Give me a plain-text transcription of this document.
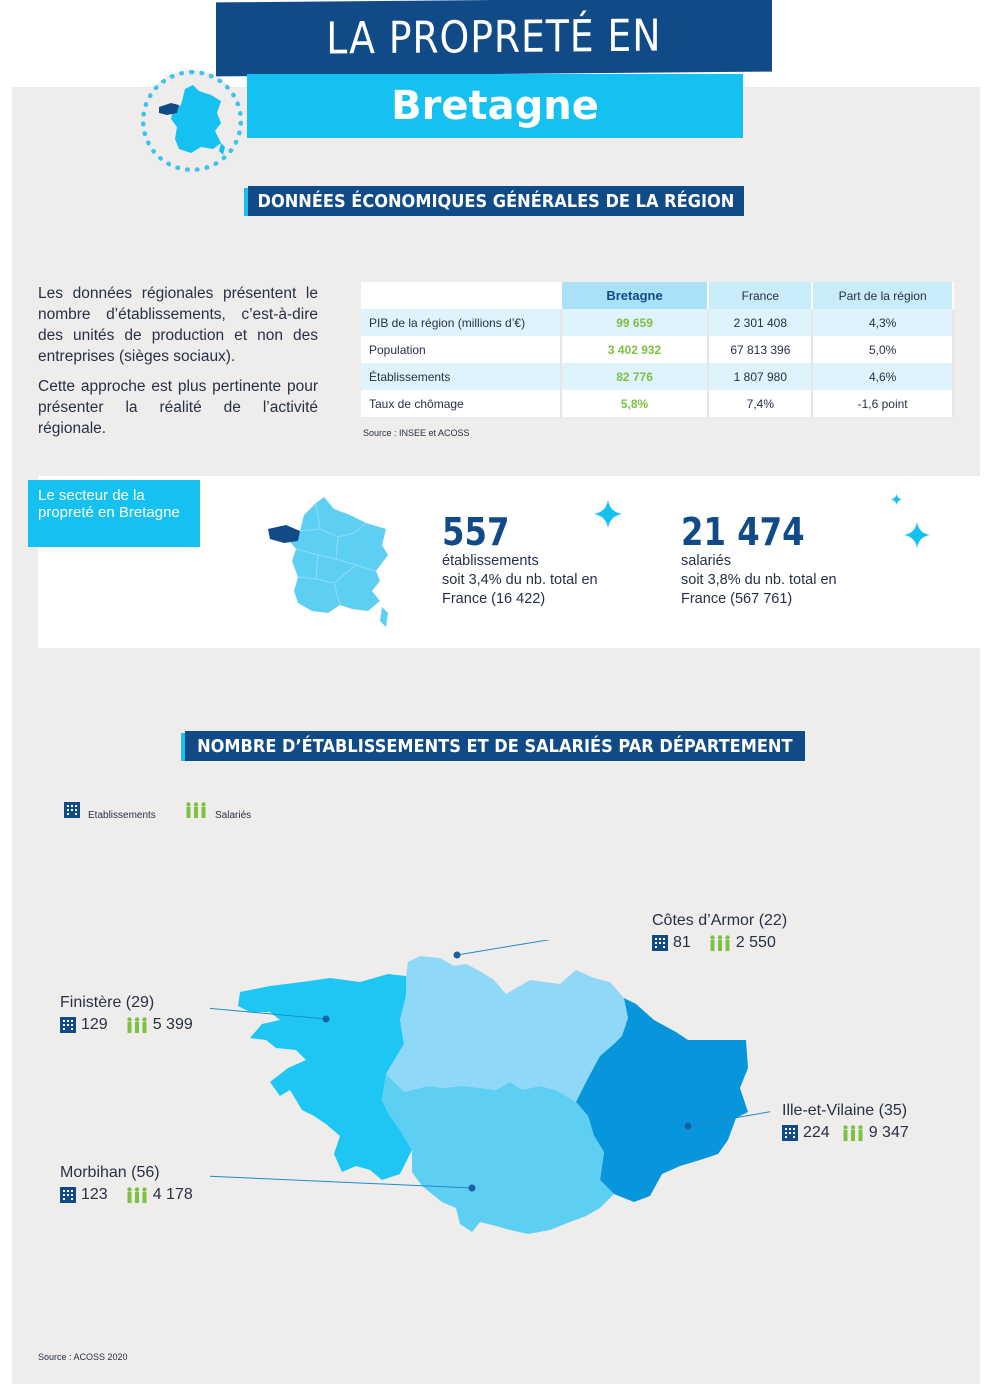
LA PROPRETÉ EN
Bretagne
DONNÉES ÉCONOMIQUES GÉNÉRALES DE LA RÉGION

Les données régionales présentent le nombre d’établissements, c’est-à-dire des unités de production et non des entreprises (sièges sociaux).

Cette approche est plus pertinente pour présenter la réalité de l’activité régionale.

	Bretagne	France	Part de la région
PIB de la région (millions d’€)	99 659	2 301 408	4,3%
Population	3 402 932	67 813 396	5,0%
Établissements	82 776	1 807 980	4,6%
Taux de chômage	5,8%	7,4%	-1,6 point
Source : INSEE et ACOSS
Le secteur de la propreté en Bretagne	557
établissements
soit 3,4% du nb. total en France (16 422)
21 474
salariés
soit 3,8% du nb. total en France (567 761)
NOMBRE D’ÉTABLISSEMENTS ET DE SALARIÉS PAR DÉPARTEMENT
Etablissements	Salariés
Côtes d’Armor (22)
81	2 550
Finistère (29)
129	5 399
Ille-et-Vilaine (35)
224 9 347
Morbihan (56)
123	4 178
Source : ACOSS 2020
